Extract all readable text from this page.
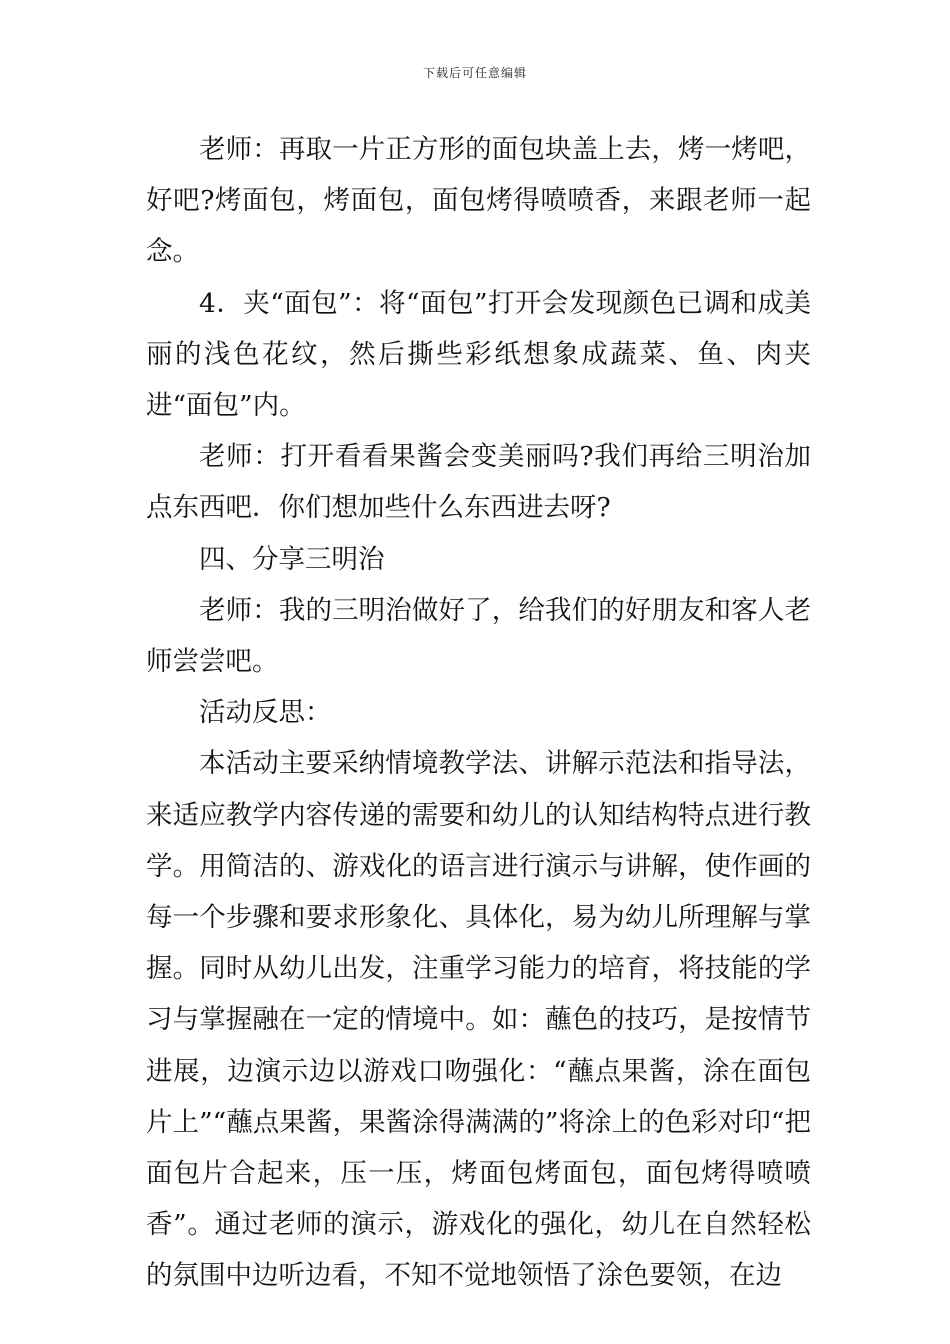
下载后可任意编辑

老师：再取一片正方形的面包块盖上去，烤一烤吧，好吧?烤面包，烤面包，面包烤得喷喷香，来跟老师一起念。

4．夹“面包”：将“面包”打开会发现颜色已调和成美丽的浅色花纹，然后撕些彩纸想象成蔬菜、鱼、肉夹进“面包”内。

老师：打开看看果酱会变美丽吗?我们再给三明治加点东西吧．你们想加些什么东西进去呀?

四、分享三明治

老师：我的三明治做好了，给我们的好朋友和客人老师尝尝吧。

活动反思：

本活动主要采纳情境教学法、讲解示范法和指导法，来适应教学内容传递的需要和幼儿的认知结构特点进行教学。用简洁的、游戏化的语言进行演示与讲解，使作画的每一个步骤和要求形象化、具体化，易为幼儿所理解与掌握。同时从幼儿出发，注重学习能力的培育，将技能的学习与掌握融在一定的情境中。如：蘸色的技巧，是按情节进展，边演示边以游戏口吻强化：“蘸点果酱，涂在面包片上”“蘸点果酱，果酱涂得满满的”将涂上的色彩对印“把面包片合起来，压一压，烤面包烤面包，面包烤得喷喷香”。通过老师的演示，游戏化的强化，幼儿在自然轻松的氛围中边听边看，不知不觉地领悟了涂色要领，在边
